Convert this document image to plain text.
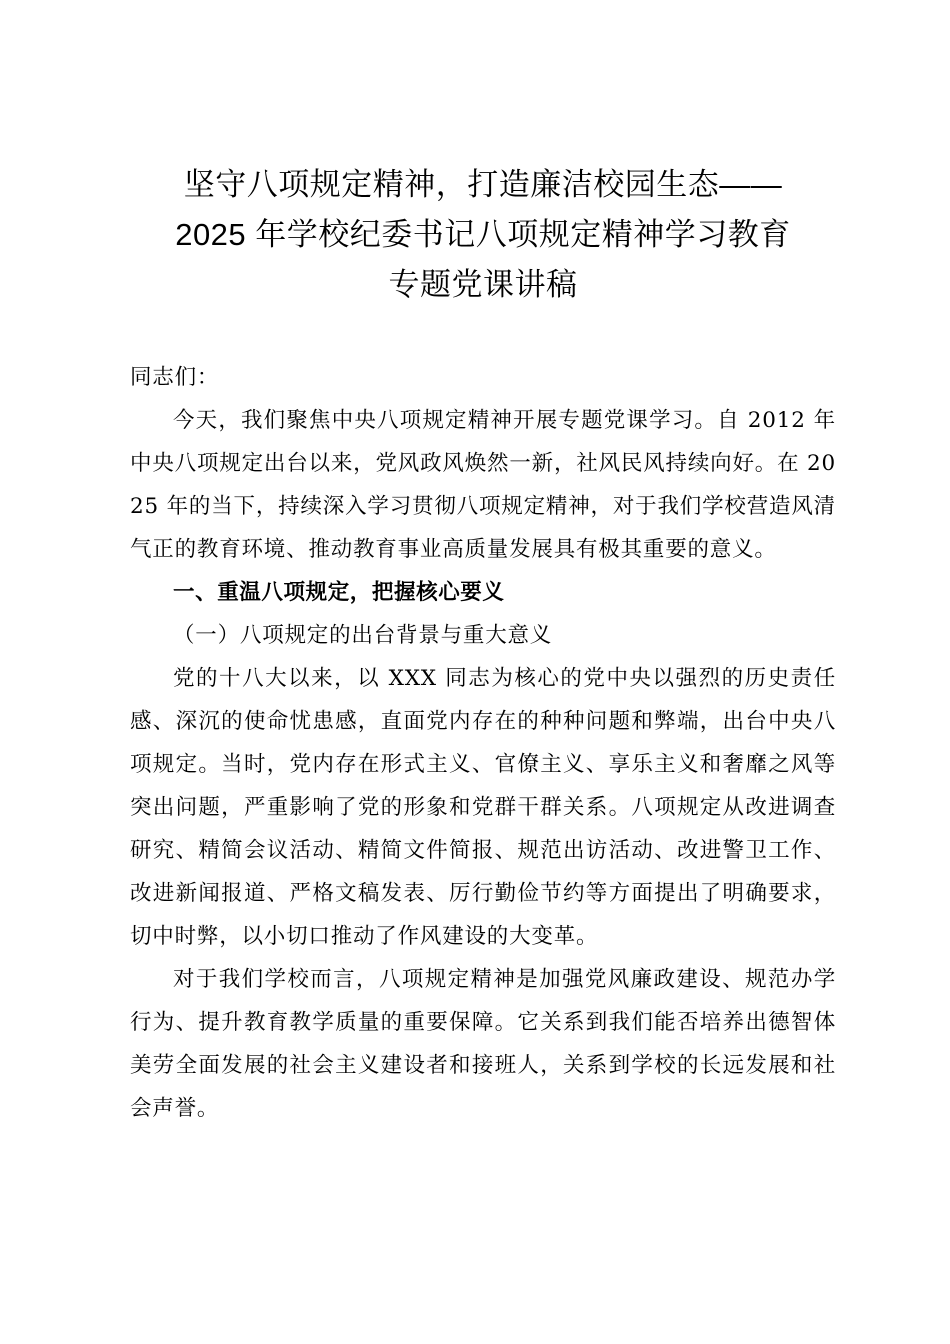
坚守八项规定精神，打造廉洁校园生态——
2025 年学校纪委书记八项规定精神学习教育
专题党课讲稿

同志们：

今天，我们聚焦中央八项规定精神开展专题党课学习。自 2012 年中央八项规定出台以来，党风政风焕然一新，社风民风持续向好。在 2025 年的当下，持续深入学习贯彻八项规定精神，对于我们学校营造风清气正的教育环境、推动教育事业高质量发展具有极其重要的意义。

一、重温八项规定，把握核心要义

（一）八项规定的出台背景与重大意义

党的十八大以来，以 XXX 同志为核心的党中央以强烈的历史责任感、深沉的使命忧患感，直面党内存在的种种问题和弊端，出台中央八项规定。当时，党内存在形式主义、官僚主义、享乐主义和奢靡之风等突出问题，严重影响了党的形象和党群干群关系。八项规定从改进调查研究、精简会议活动、精简文件简报、规范出访活动、改进警卫工作、改进新闻报道、严格文稿发表、厉行勤俭节约等方面提出了明确要求，切中时弊，以小切口推动了作风建设的大变革。

对于我们学校而言，八项规定精神是加强党风廉政建设、规范办学行为、提升教育教学质量的重要保障。它关系到我们能否培养出德智体美劳全面发展的社会主义建设者和接班人，关系到学校的长远发展和社会声誉。
